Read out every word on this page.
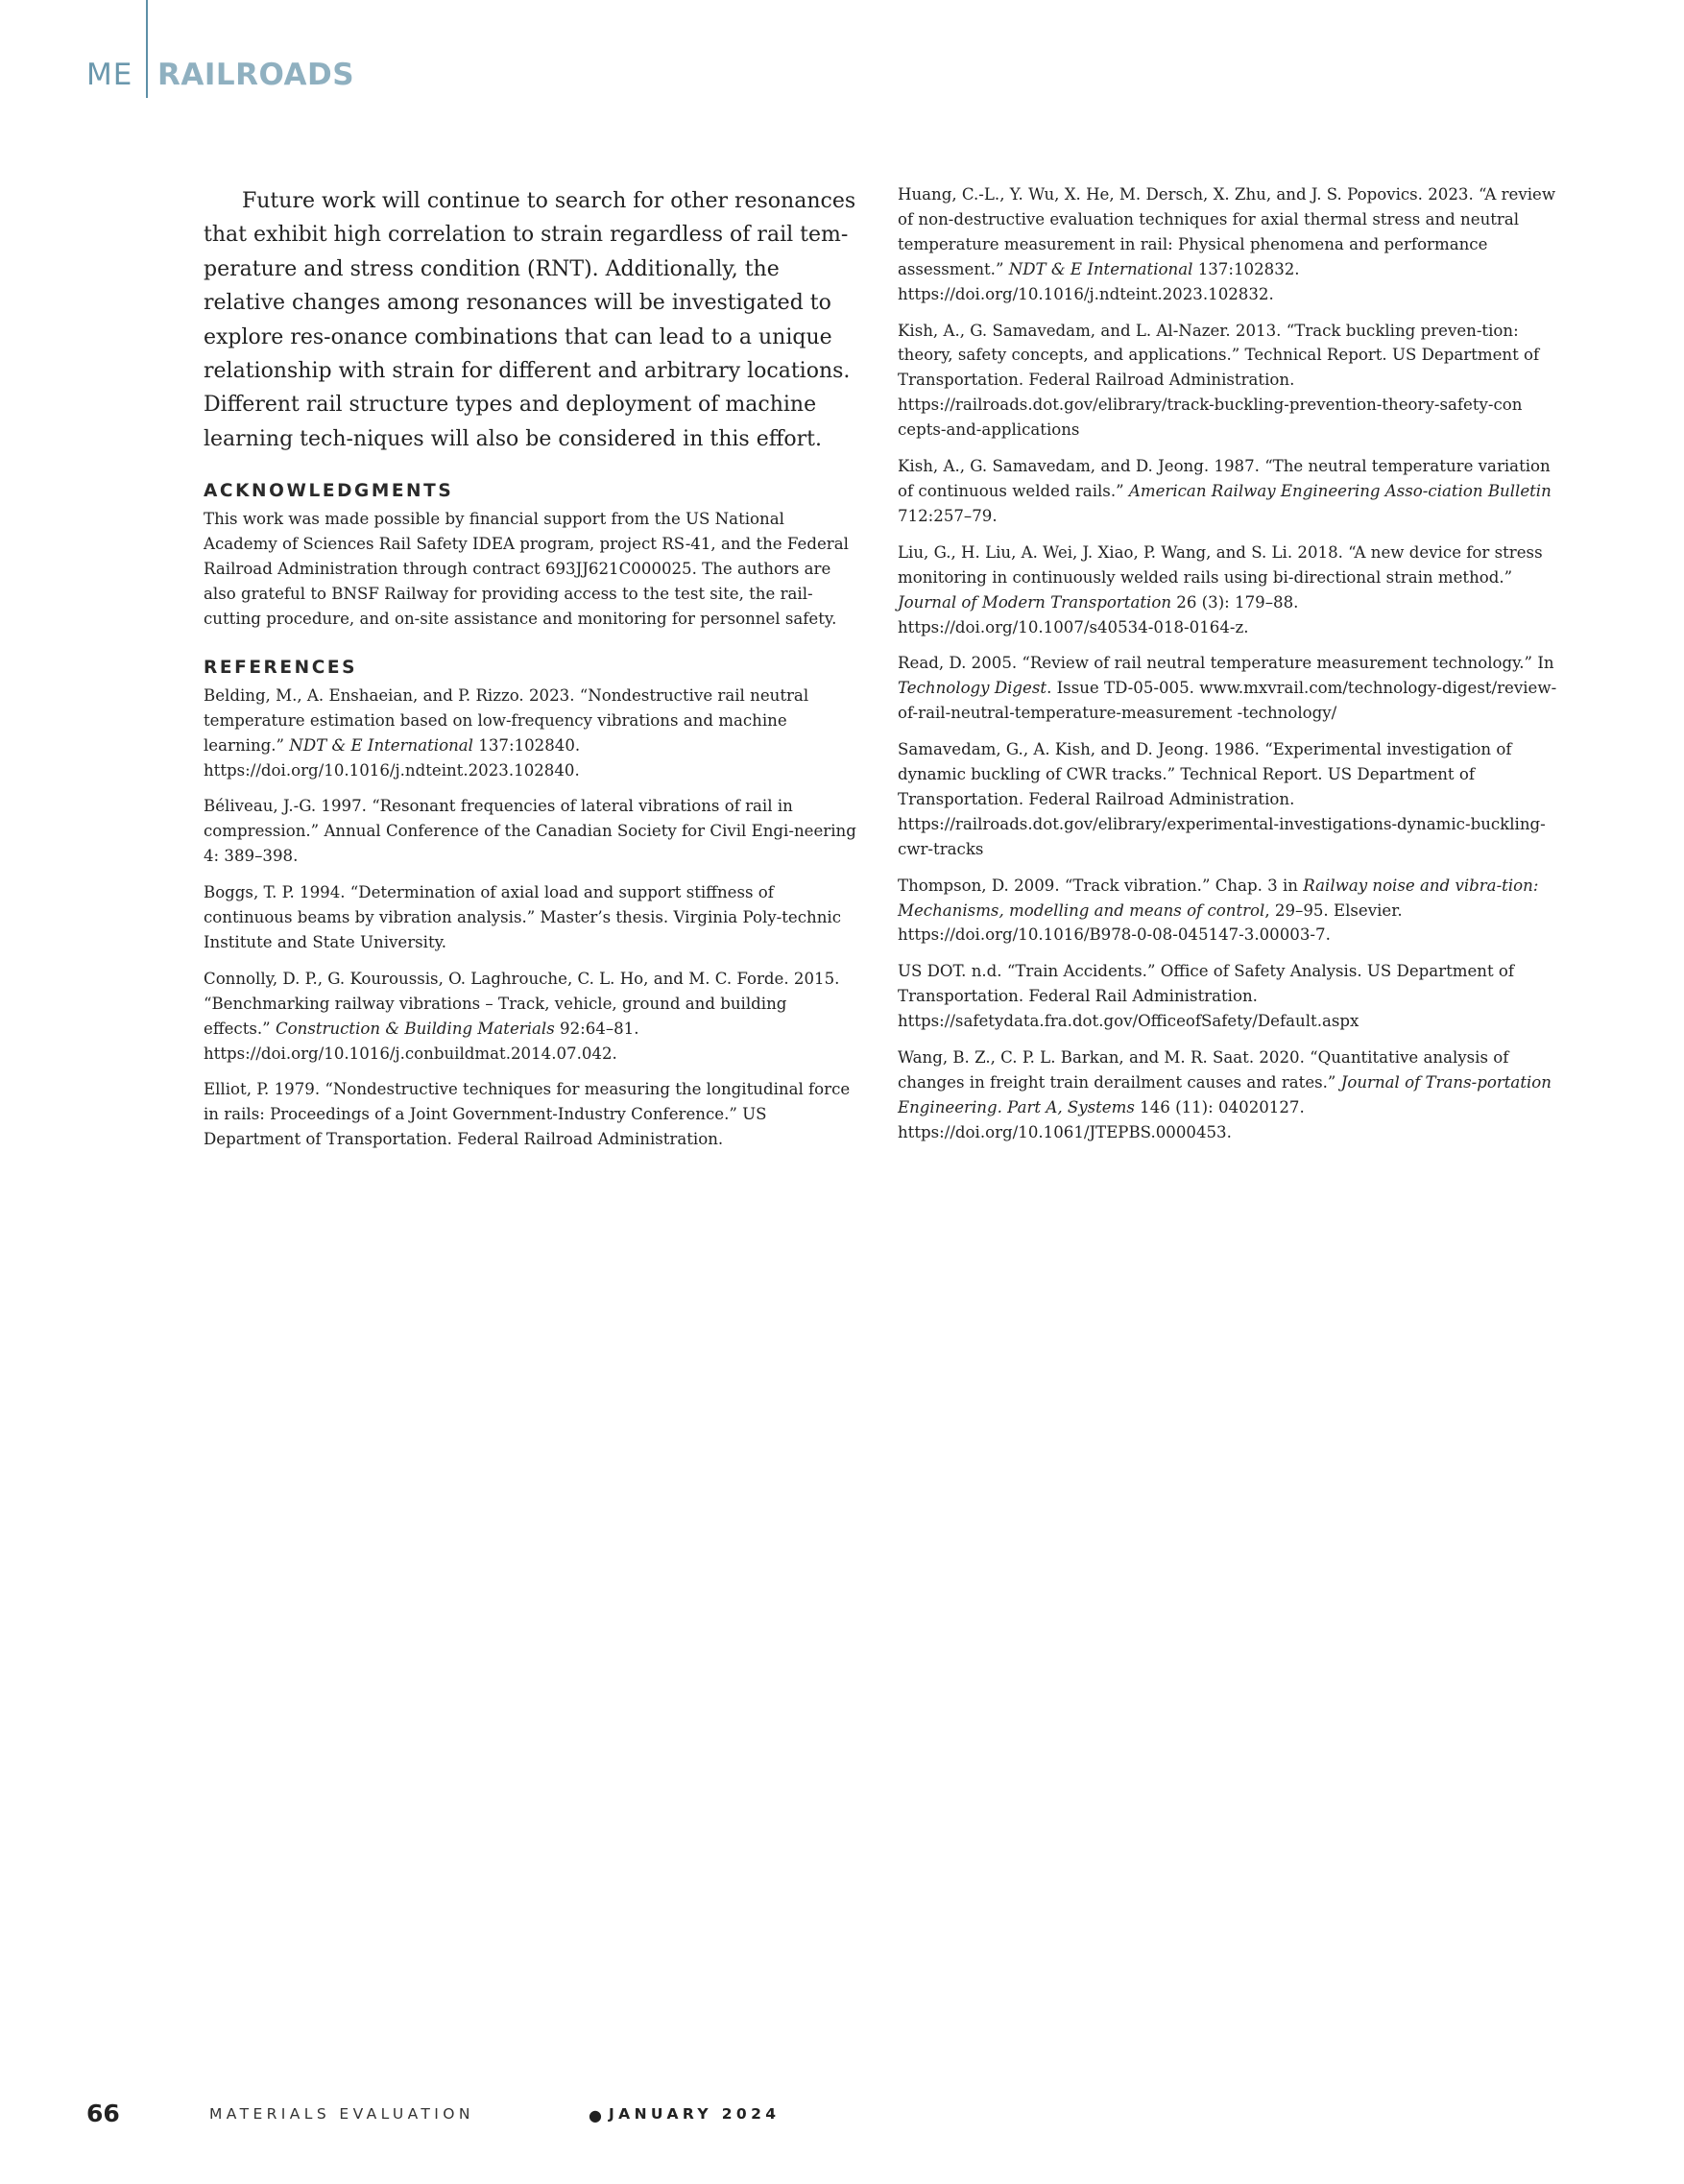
ME RAILROADS

Future work will continue to search for other resonances that exhibit high correlation to strain regardless of rail tem-perature and stress condition (RNT). Additionally, the relative changes among resonances will be investigated to explore res-onance combinations that can lead to a unique relationship with strain for different and arbitrary locations. Different rail structure types and deployment of machine learning tech-niques will also be considered in this effort.

ACKNOWLEDGMENTS

This work was made possible by financial support from the US National Academy of Sciences Rail Safety IDEA program, project RS-41, and the Federal Railroad Administration through contract 693JJ621C000025. The authors are also grateful to BNSF Railway for providing access to the test site, the rail-cutting procedure, and on-site assistance and monitoring for personnel safety.

REFERENCES

Belding, M., A. Enshaeian, and P. Rizzo. 2023. “Nondestructive rail neutral temperature estimation based on low-frequency vibrations and machine learning.” NDT & E International 137:102840. https://doi.org/10.1016/j.ndteint.2023.102840.

Béliveau, J.-G. 1997. “Resonant frequencies of lateral vibrations of rail in compression.” Annual Conference of the Canadian Society for Civil Engi-neering 4: 389–398.

Boggs, T. P. 1994. “Determination of axial load and support stiffness of continuous beams by vibration analysis.” Master’s thesis. Virginia Poly-technic Institute and State University.

Connolly, D. P., G. Kouroussis, O. Laghrouche, C. L. Ho, and M. C. Forde. 2015. “Benchmarking railway vibrations – Track, vehicle, ground and building effects.” Construction & Building Materials 92:64–81. https://doi.org/10.1016/j.conbuildmat.2014.07.042.

Elliot, P. 1979. “Nondestructive techniques for measuring the longitudinal force in rails: Proceedings of a Joint Government-Industry Conference.” US Department of Transportation. Federal Railroad Administration.

Huang, C.-L., Y. Wu, X. He, M. Dersch, X. Zhu, and J. S. Popovics. 2023. “A review of non-destructive evaluation techniques for axial thermal stress and neutral temperature measurement in rail: Physical phenomena and performance assessment.” NDT & E International 137:102832. https://doi.org/10.1016/j.ndteint.2023.102832.

Kish, A., G. Samavedam, and L. Al-Nazer. 2013. “Track buckling preven-tion: theory, safety concepts, and applications.” Technical Report. US Department of Transportation. Federal Railroad Administration. https://railroads.dot.gov/elibrary/track-buckling-prevention-theory-safety-con cepts-and-applications

Kish, A., G. Samavedam, and D. Jeong. 1987. “The neutral temperature variation of continuous welded rails.” American Railway Engineering Asso-ciation Bulletin 712:257–79.

Liu, G., H. Liu, A. Wei, J. Xiao, P. Wang, and S. Li. 2018. “A new device for stress monitoring in continuously welded rails using bi-directional strain method.” Journal of Modern Transportation 26 (3): 179–88. https://doi.org/10.1007/s40534-018-0164-z.

Read, D. 2005. “Review of rail neutral temperature measurement technology.” In Technology Digest. Issue TD-05-005. www.mxvrail.com/technology-digest/review-of-rail-neutral-temperature-measurement -technology/

Samavedam, G., A. Kish, and D. Jeong. 1986. “Experimental investigation of dynamic buckling of CWR tracks.” Technical Report. US Department of Transportation. Federal Railroad Administration. https://railroads.dot.gov/elibrary/experimental-investigations-dynamic-buckling-cwr-tracks

Thompson, D. 2009. “Track vibration.” Chap. 3 in Railway noise and vibra-tion: Mechanisms, modelling and means of control, 29–95. Elsevier. https://doi.org/10.1016/B978-0-08-045147-3.00003-7.

US DOT. n.d. “Train Accidents.” Office of Safety Analysis. US Department of Transportation. Federal Rail Administration. https://safetydata.fra.dot.gov/OfficeofSafety/Default.aspx

Wang, B. Z., C. P. L. Barkan, and M. R. Saat. 2020. “Quantitative analysis of changes in freight train derailment causes and rates.” Journal of Trans-portation Engineering. Part A, Systems 146 (11): 04020127. https://doi.org/10.1061/JTEPBS.0000453.

66	MATERIALS EVALUATION	● JANUARY 2024
